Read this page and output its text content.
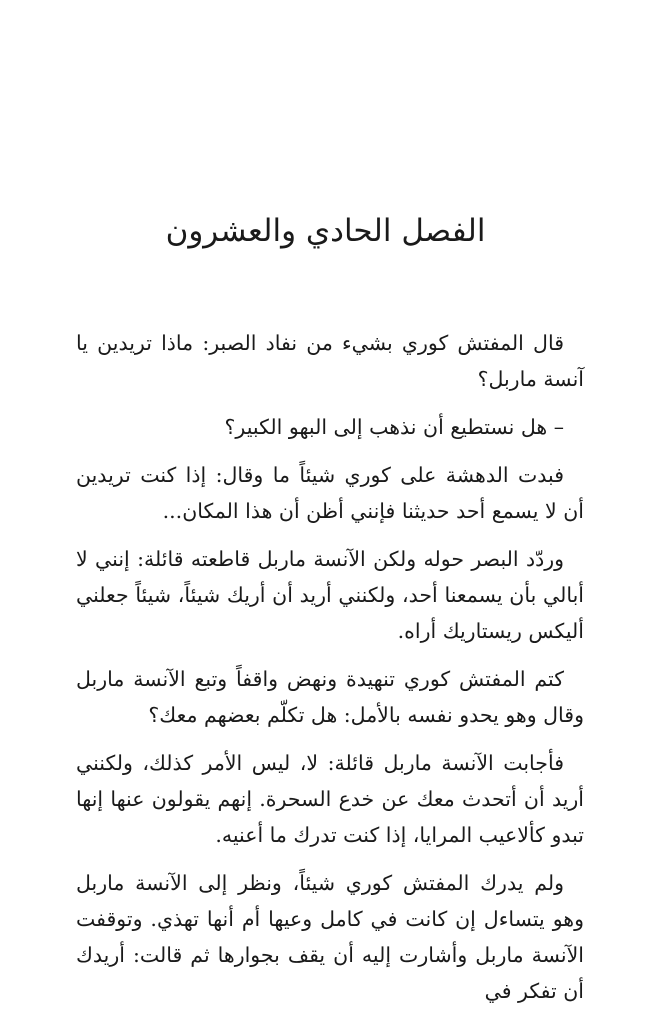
الفصل الحادي والعشرون

قال المفتش كوري بشيء من نفاد الصبر: ماذا تريدين يا آنسة ماربل؟

– هل نستطيع أن نذهب إلى البهو الكبير؟

فبدت الدهشة على كوري شيئاً ما وقال: إذا كنت تريدين أن لا يسمع أحد حديثنا فإنني أظن أن هذا المكان...

وردّد البصر حوله ولكن الآنسة ماربل قاطعته قائلة: إنني لا أبالي بأن يسمعنا أحد، ولكنني أريد أن أريك شيئاً، شيئاً جعلني أليكس ريستاريك أراه.

كتم المفتش كوري تنهيدة ونهض واقفاً وتبع الآنسة ماربل وقال وهو يحدو نفسه بالأمل: هل تكلّم بعضهم معك؟

فأجابت الآنسة ماربل قائلة: لا، ليس الأمر كذلك، ولكنني أريد أن أتحدث معك عن خدع السحرة. إنهم يقولون عنها إنها تبدو كألاعيب المرايا، إذا كنت تدرك ما أعنيه.

ولم يدرك المفتش كوري شيئاً، ونظر إلى الآنسة ماربل وهو يتساءل إن كانت في كامل وعيها أم أنها تهذي. وتوقفت الآنسة ماربل وأشارت إليه أن يقف بجوارها ثم قالت: أريدك أن تفكر في
